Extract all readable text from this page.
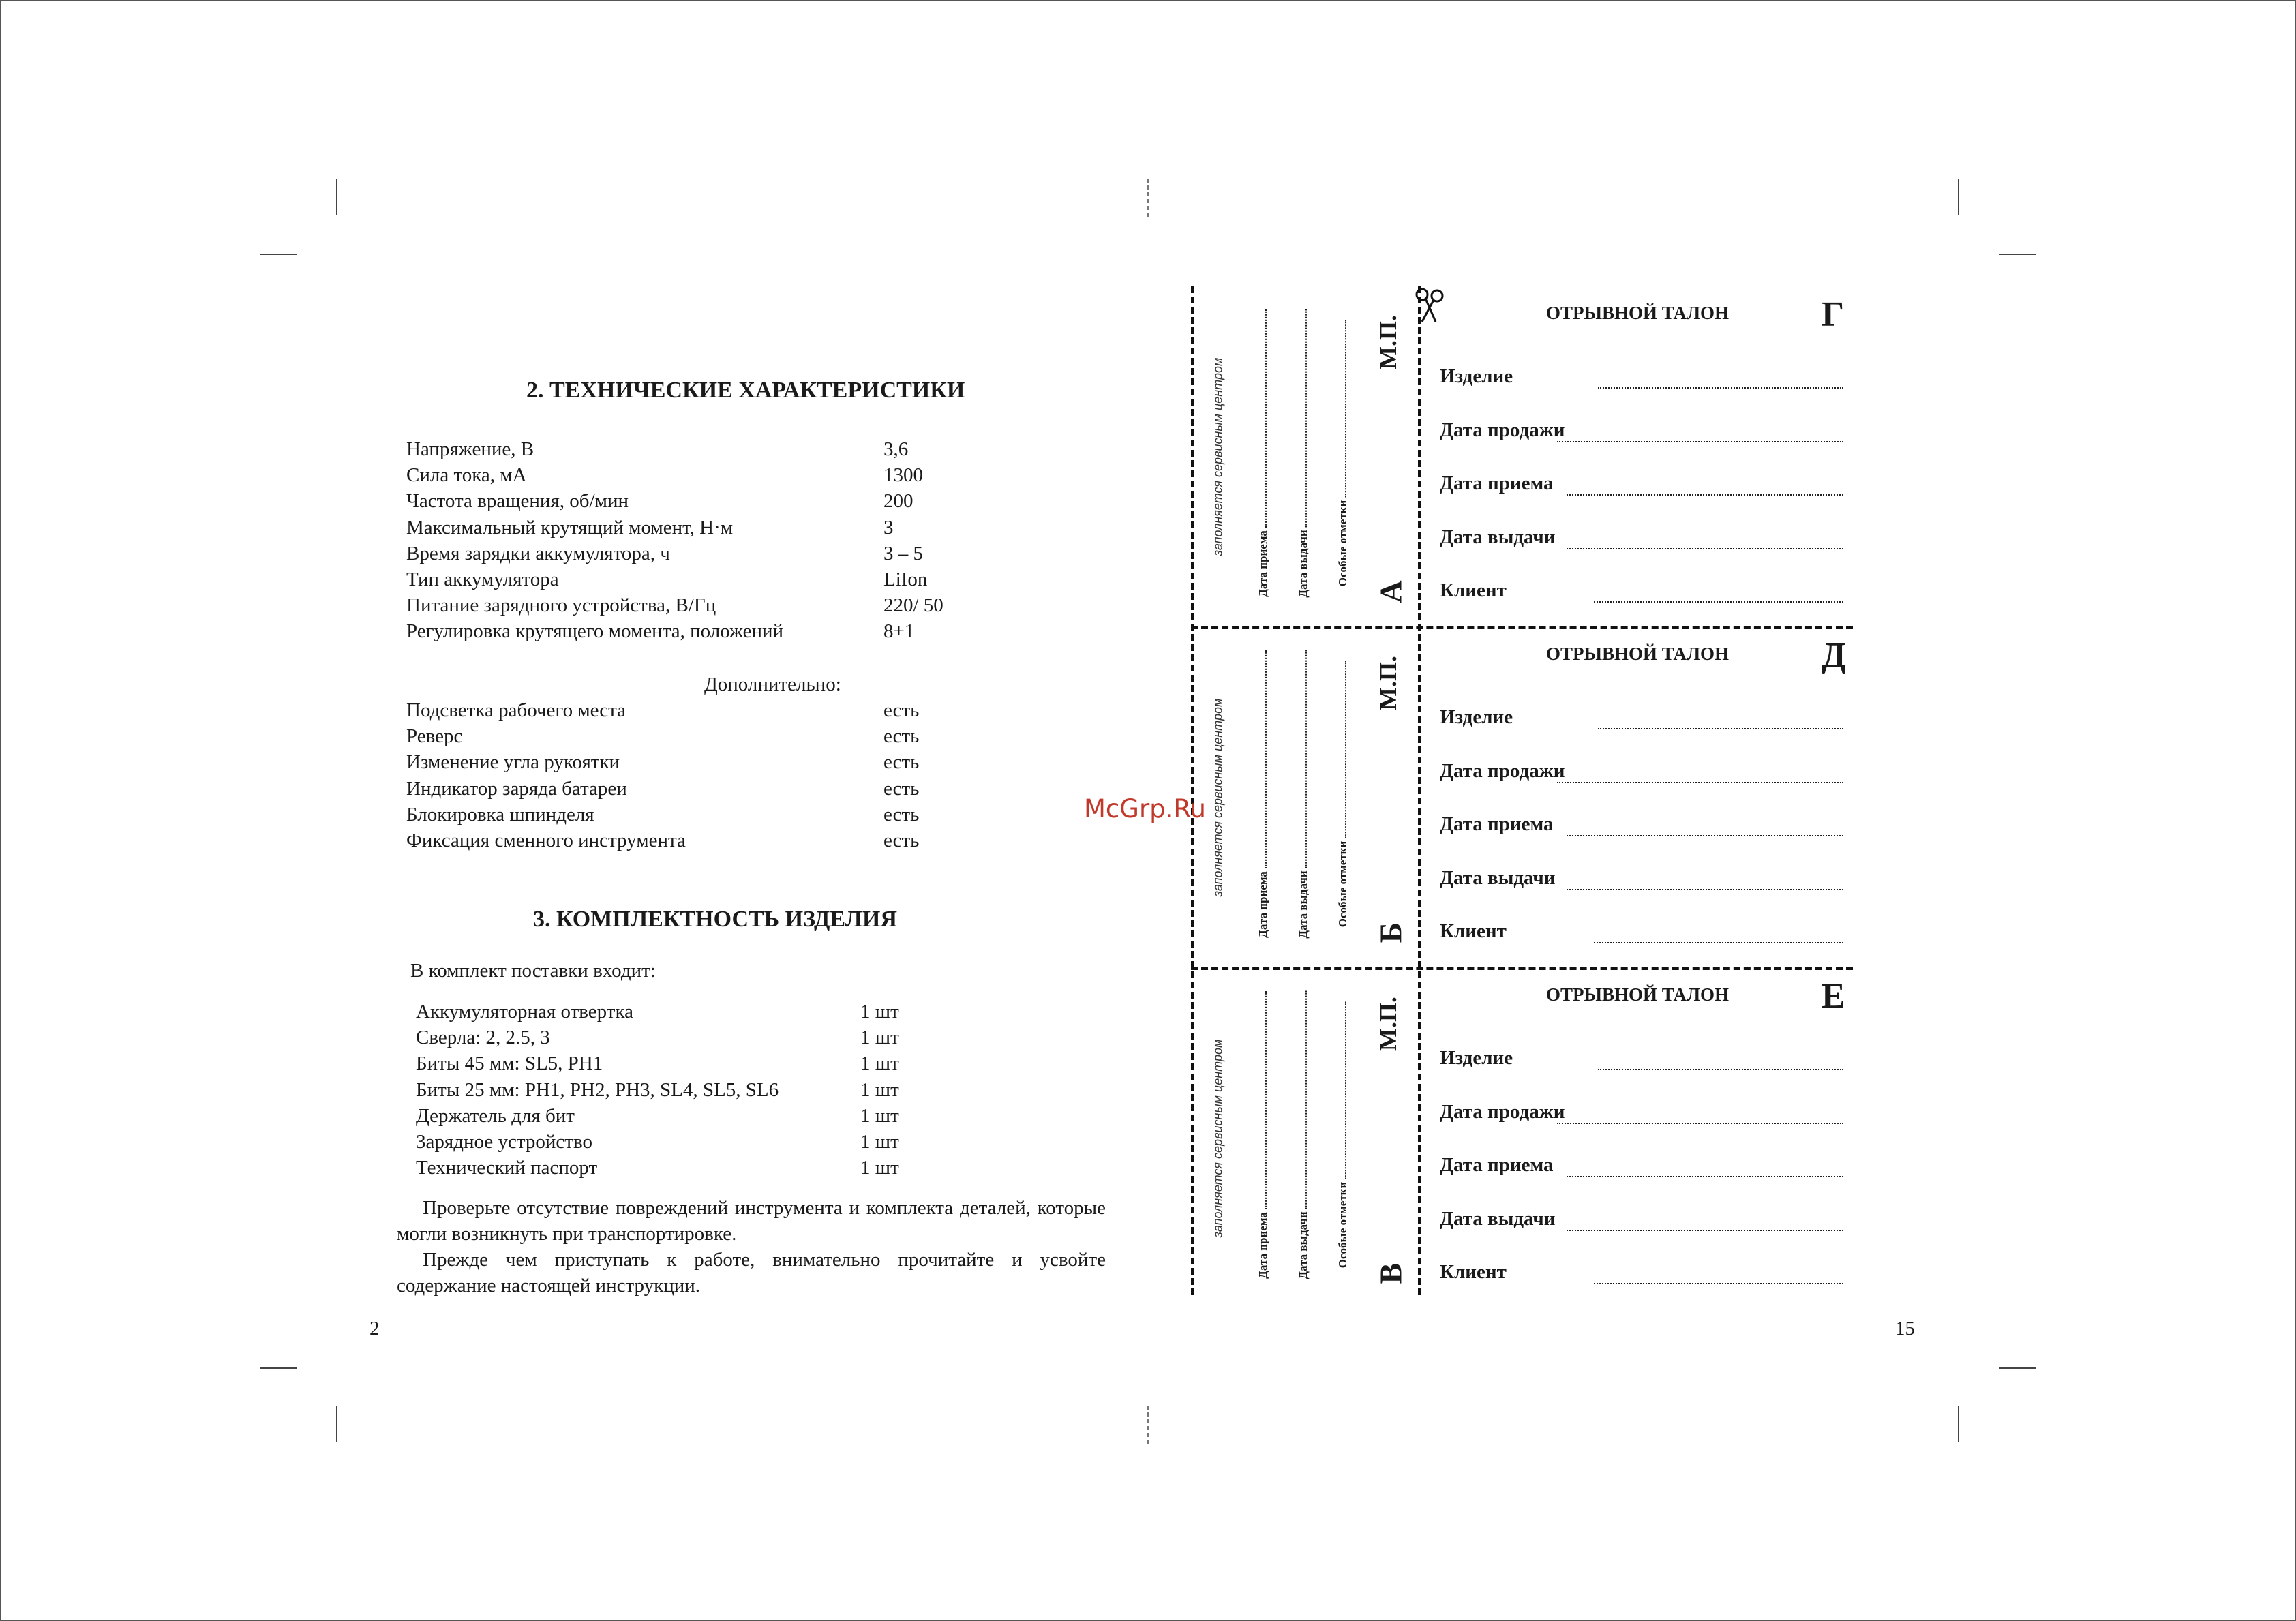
2. ТЕХНИЧЕСКИЕ ХАРАКТЕРИСТИКИ
Напряжение, В	3,6
Сила тока, мА	1300
Частота вращения, об/мин	200
Максимальный крутящий момент, Н·м	3
Время зарядки аккумулятора, ч	3 – 5
Тип аккумулятора	LiIon
Питание зарядного устройства, В/Гц	220/ 50
Регулировка крутящего момента, положений	8+1
Дополнительно:
Подсветка рабочего места	есть
Реверс	есть
Изменение угла рукоятки	есть
Индикатор заряда батареи	есть
Блокировка шпинделя	есть
Фиксация сменного инструмента	есть
3. КОМПЛЕКТНОСТЬ ИЗДЕЛИЯ
В комплект поставки входит:
Аккумуляторная отвертка	1 шт
Сверла: 2, 2.5, 3	1 шт
Биты 45 мм: SL5, PH1	1 шт
Биты 25 мм: PH1, PH2, PH3, SL4, SL5, SL6	1 шт
Держатель для бит	1 шт
Зарядное устройство	1 шт
Технический паспорт	1 шт
Проверьте отсутствие повреждений инструмента и комплекта деталей, которые могли возникнуть при транспортировке.
Прежде чем приступать к работе, внимательно прочитайте и усвойте содержание настоящей инструкции.
2
заполняется сервисным центром
Дата приема Дата выдачи Особые отметки
А
М.П.
ОТРЫВНОЙ ТАЛОН	Г
Изделие
Дата продажи
Дата приема
Дата выдачи
Клиент
заполняется сервисным центром
Дата приема Дата выдачи Особые отметки
Б
М.П.
ОТРЫВНОЙ ТАЛОН	Д
Изделие
Дата продажи
Дата приема
Дата выдачи
Клиент
заполняется сервисным центром
Дата приема Дата выдачи Особые отметки
В
М.П.
ОТРЫВНОЙ ТАЛОН	Е
Изделие
Дата продажи
Дата приема
Дата выдачи
Клиент
McGrp.Ru
15
